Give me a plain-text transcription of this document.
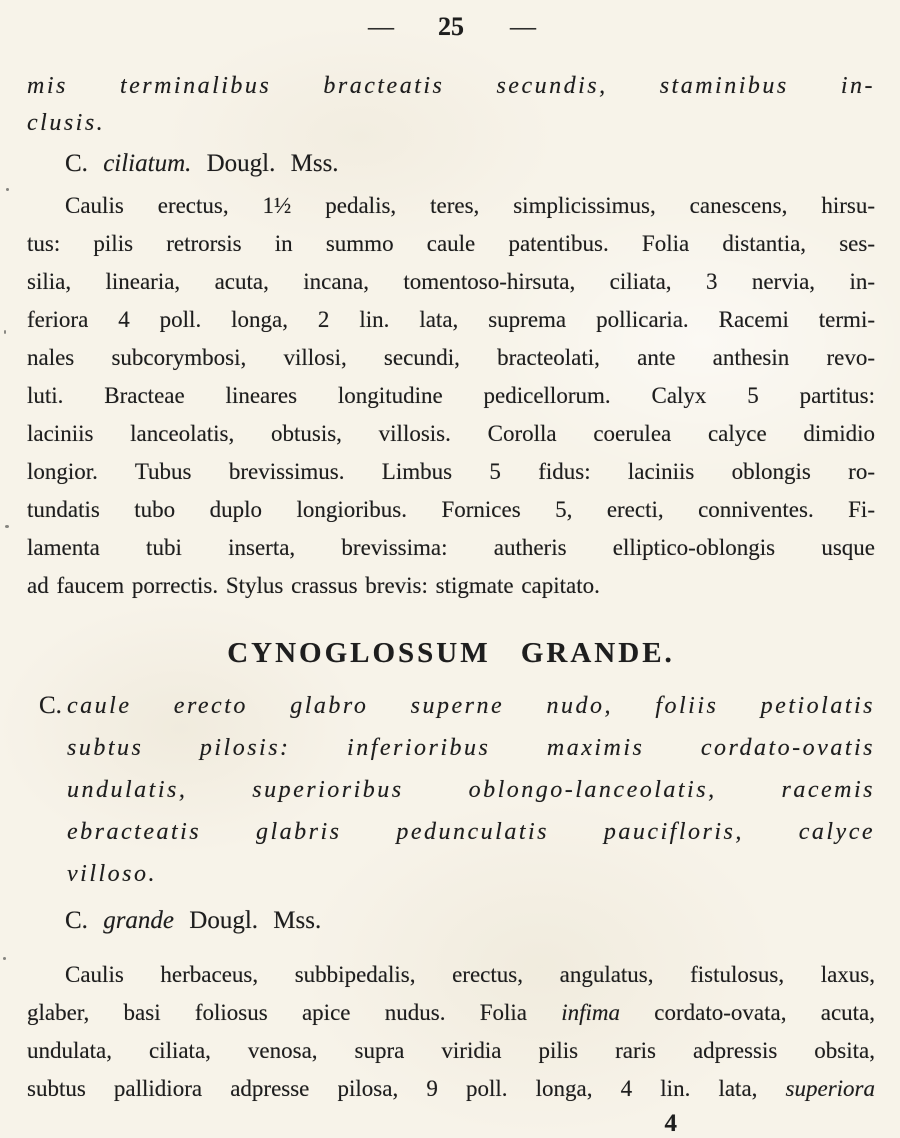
— 25 —
mis terminalibus bracteatis secundis, staminibus in-
clusis.
C. ciliatum. Dougl. Mss.
Caulis erectus, 1½ pedalis, teres, simplicissimus, canescens, hirsu-
tus: pilis retrorsis in summo caule patentibus. Folia distantia, ses-
silia, linearia, acuta, incana, tomentoso-hirsuta, ciliata, 3 nervia, in-
feriora 4 poll. longa, 2 lin. lata, suprema pollicaria. Racemi termi-
nales subcorymbosi, villosi, secundi, bracteolati, ante anthesin revo-
luti. Bracteae lineares longitudine pedicellorum. Calyx 5 partitus:
laciniis lanceolatis, obtusis, villosis. Corolla coerulea calyce dimidio
longior. Tubus brevissimus. Limbus 5 fidus: laciniis oblongis ro-
tundatis tubo duplo longioribus. Fornices 5, erecti, conniventes. Fi-
lamenta tubi inserta, brevissima: autheris elliptico-oblongis usque
ad faucem porrectis. Stylus crassus brevis: stigmate capitato.
CYNOGLOSSUM GRANDE.
C. caule erecto glabro superne nudo, foliis petiolatis
subtus pilosis: inferioribus maximis cordato-ovatis
undulatis, superioribus oblongo-lanceolatis, racemis
ebracteatis glabris pedunculatis paucifloris, calyce
villoso.
C. grande Dougl. Mss.
Caulis herbaceus, subbipedalis, erectus, angulatus, fistulosus, laxus,
glaber, basi foliosus apice nudus. Folia infima cordato-ovata, acuta,
undulata, ciliata, venosa, supra viridia pilis raris adpressis obsita,
subtus pallidiora adpresse pilosa, 9 poll. longa, 4 lin. lata, superiora
4
